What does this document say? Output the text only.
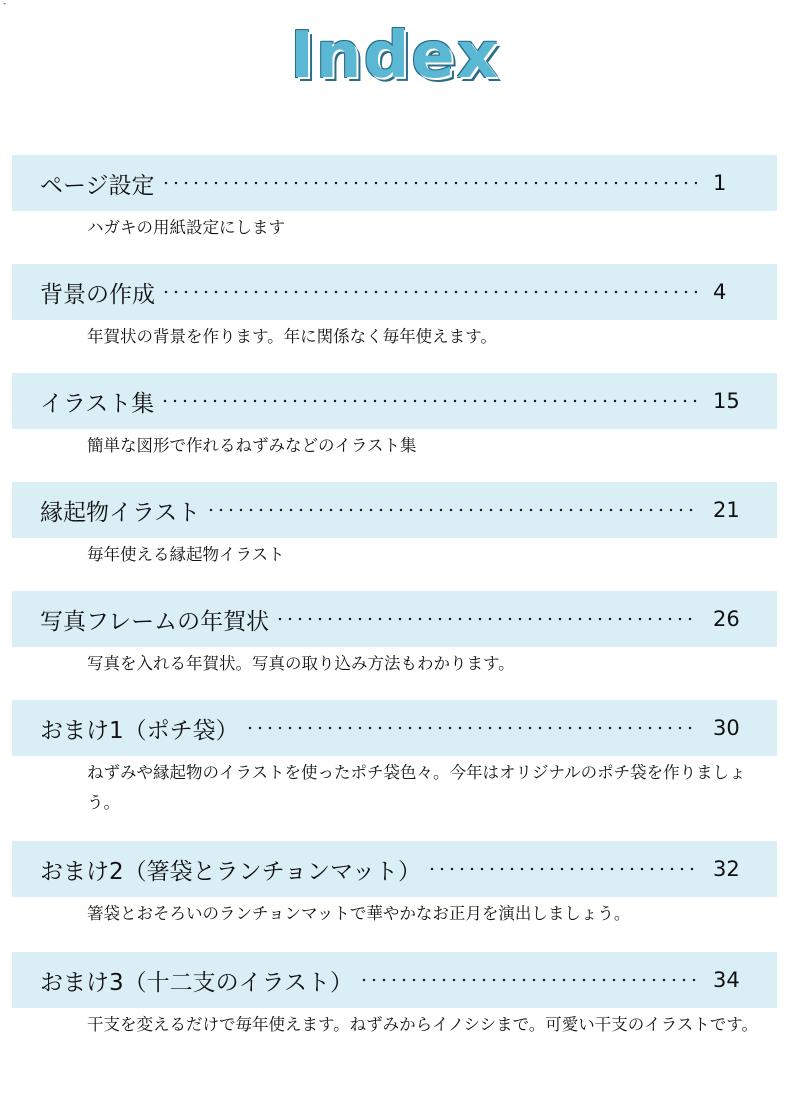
-
Index
ページ設定	1
ハガキの用紙設定にします
背景の作成	4
年賀状の背景を作ります。年に関係なく毎年使えます。
イラスト集	15
簡単な図形で作れるねずみなどのイラスト集
縁起物イラスト	21
毎年使える縁起物イラスト
写真フレームの年賀状	26
写真を入れる年賀状。写真の取り込み方法もわかります。
おまけ1（ポチ袋）	30
ねずみや縁起物のイラストを使ったポチ袋色々。今年はオリジナルのポチ袋を作りましょう。
おまけ2（箸袋とランチョンマット）	32
箸袋とおそろいのランチョンマットで華やかなお正月を演出しましょう。
おまけ3（十二支のイラスト）	34
干支を変えるだけで毎年使えます。ねずみからイノシシまで。可愛い干支のイラストです。
